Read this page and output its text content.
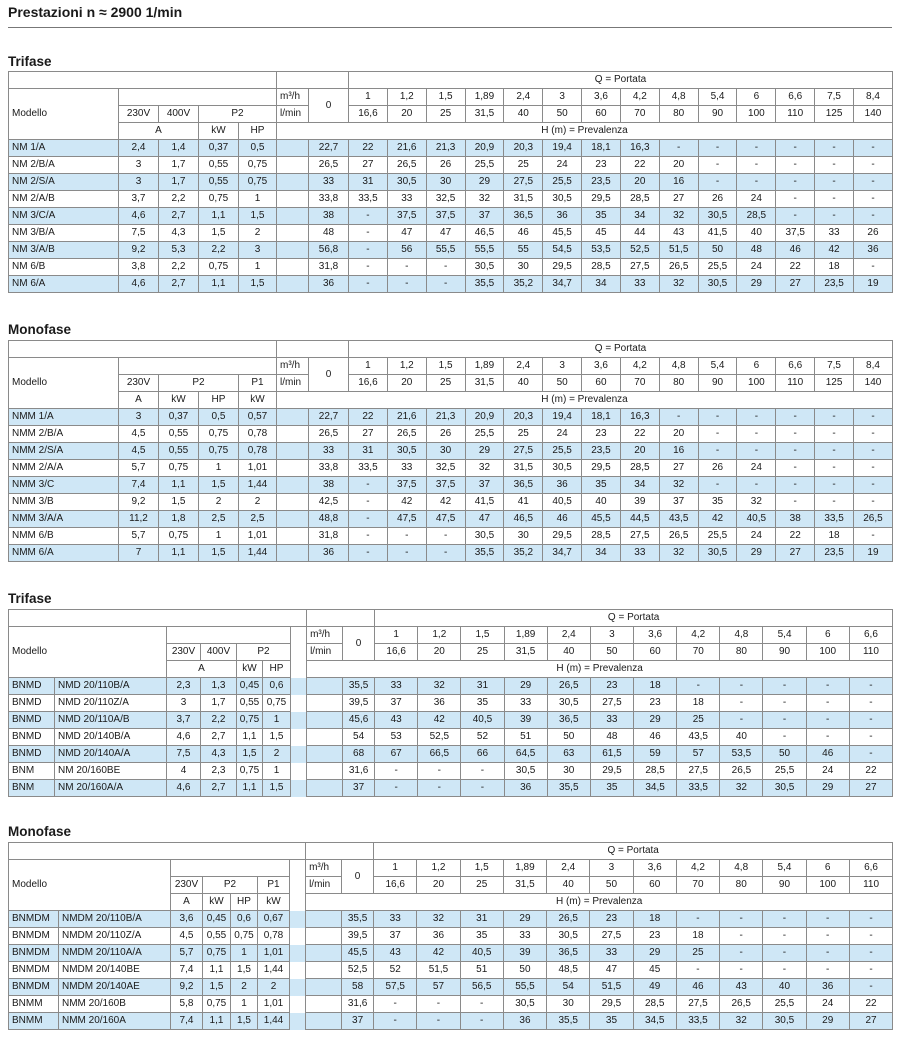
Prestazioni n ≈ 2900 1/min
Trifase
							Q = Portata													
Modello					m³/h	0	1	1,2	1,5	1,89	2,4	3	3,6	4,2	4,8	5,4	6	6,6	7,5	8,4
	230V	400V	P2		l/min		16,6	20	25	31,5	40	50	60	70	80	90	100	110	125	140
	A		kW	HP	H (m) = Prevalenza															
NM 1/A	2,4	1,4	0,37	0,5		22,7	22	21,6	21,3	20,9	20,3	19,4	18,1	16,3	-	-	-	-	-	-
NM 2/B/A	3	1,7	0,55	0,75		26,5	27	26,5	26	25,5	25	24	23	22	20	-	-	-	-	-
NM 2/S/A	3	1,7	0,55	0,75		33	31	30,5	30	29	27,5	25,5	23,5	20	16	-	-	-	-	-
NM 2/A/B	3,7	2,2	0,75	1		33,8	33,5	33	32,5	32	31,5	30,5	29,5	28,5	27	26	24	-	-	-
NM 3/C/A	4,6	2,7	1,1	1,5		38	-	37,5	37,5	37	36,5	36	35	34	32	30,5	28,5	-	-	-
NM 3/B/A	7,5	4,3	1,5	2		48	-	47	47	46,5	46	45,5	45	44	43	41,5	40	37,5	33	26
NM 3/A/B	9,2	5,3	2,2	3		56,8	-	56	55,5	55,5	55	54,5	53,5	52,5	51,5	50	48	46	42	36
NM 6/B	3,8	2,2	0,75	1		31,8	-	-	-	30,5	30	29,5	28,5	27,5	26,5	25,5	24	22	18	-
NM 6/A	4,6	2,7	1,1	1,5		36	-	-	-	35,5	35,2	34,7	34	33	32	30,5	29	27	23,5	19
Monofase
							Q = Portata													
Modello					m³/h	0	1	1,2	1,5	1,89	2,4	3	3,6	4,2	4,8	5,4	6	6,6	7,5	8,4
	230V	P2		P1	l/min		16,6	20	25	31,5	40	50	60	70	80	90	100	110	125	140
	A	kW	HP	kW	H (m) = Prevalenza															
NMM 1/A	3	0,37	0,5	0,57		22,7	22	21,6	21,3	20,9	20,3	19,4	18,1	16,3	-	-	-	-	-	-
NMM 2/B/A	4,5	0,55	0,75	0,78		26,5	27	26,5	26	25,5	25	24	23	22	20	-	-	-	-	-
NMM 2/S/A	4,5	0,55	0,75	0,78		33	31	30,5	30	29	27,5	25,5	23,5	20	16	-	-	-	-	-
NMM 2/A/A	5,7	0,75	1	1,01		33,8	33,5	33	32,5	32	31,5	30,5	29,5	28,5	27	26	24	-	-	-
NMM 3/C	7,4	1,1	1,5	1,44		38	-	37,5	37,5	37	36,5	36	35	34	32	-	-	-	-	-
NMM 3/B	9,2	1,5	2	2		42,5	-	42	42	41,5	41	40,5	40	39	37	35	32	-	-	-
NMM 3/A/A	11,2	1,8	2,5	2,5		48,8	-	47,5	47,5	47	46,5	46	45,5	44,5	43,5	42	40,5	38	33,5	26,5
NMM 6/B	5,7	0,75	1	1,01		31,8	-	-	-	30,5	30	29,5	28,5	27,5	26,5	25,5	24	22	18	-
NMM 6/A	7	1,1	1,5	1,44		36	-	-	-	35,5	35,2	34,7	34	33	32	30,5	29	27	23,5	19
Trifase
									Q = Portata											
Modello							m³/h	0	1	1,2	1,5	1,89	2,4	3	3,6	4,2	4,8	5,4	6	6,6
		230V	400V	P2			l/min		16,6	20	25	31,5	40	50	60	70	80	90	100	110
		A		kW	HP		H (m) = Prevalenza													
BNMD	NMD 20/110B/A	2,3	1,3	0,45	0,6			35,5	33	32	31	29	26,5	23	18	-	-	-	-	-
BNMD	NMD 20/110Z/A	3	1,7	0,55	0,75			39,5	37	36	35	33	30,5	27,5	23	18	-	-	-	-
BNMD	NMD 20/110A/B	3,7	2,2	0,75	1			45,6	43	42	40,5	39	36,5	33	29	25	-	-	-	-
BNMD	NMD 20/140B/A	4,6	2,7	1,1	1,5			54	53	52,5	52	51	50	48	46	43,5	40	-	-	-
BNMD	NMD 20/140A/A	7,5	4,3	1,5	2			68	67	66,5	66	64,5	63	61,5	59	57	53,5	50	46	-
BNM	NM 20/160BE	4	2,3	0,75	1			31,6	-	-	-	30,5	30	29,5	28,5	27,5	26,5	25,5	24	22
BNM	NM 20/160A/A	4,6	2,7	1,1	1,5			37	-	-	-	36	35,5	35	34,5	33,5	32	30,5	29	27
Monofase
									Q = Portata											
Modello							m³/h	0	1	1,2	1,5	1,89	2,4	3	3,6	4,2	4,8	5,4	6	6,6
		230V	P2		P1		l/min		16,6	20	25	31,5	40	50	60	70	80	90	100	110
		A	kW	HP	kW		H (m) = Prevalenza													
BNMDM	NMDM 20/110B/A	3,6	0,45	0,6	0,67			35,5	33	32	31	29	26,5	23	18	-	-	-	-	-
BNMDM	NMDM 20/110Z/A	4,5	0,55	0,75	0,78			39,5	37	36	35	33	30,5	27,5	23	18	-	-	-	-
BNMDM	NMDM 20/110A/A	5,7	0,75	1	1,01			45,5	43	42	40,5	39	36,5	33	29	25	-	-	-	-
BNMDM	NMDM 20/140BE	7,4	1,1	1,5	1,44			52,5	52	51,5	51	50	48,5	47	45	-	-	-	-	-
BNMDM	NMDM 20/140AE	9,2	1,5	2	2			58	57,5	57	56,5	55,5	54	51,5	49	46	43	40	36	-
BNMM	NMM 20/160B	5,8	0,75	1	1,01			31,6	-	-	-	30,5	30	29,5	28,5	27,5	26,5	25,5	24	22
BNMM	NMM 20/160A	7,4	1,1	1,5	1,44			37	-	-	-	36	35,5	35	34,5	33,5	32	30,5	29	27
